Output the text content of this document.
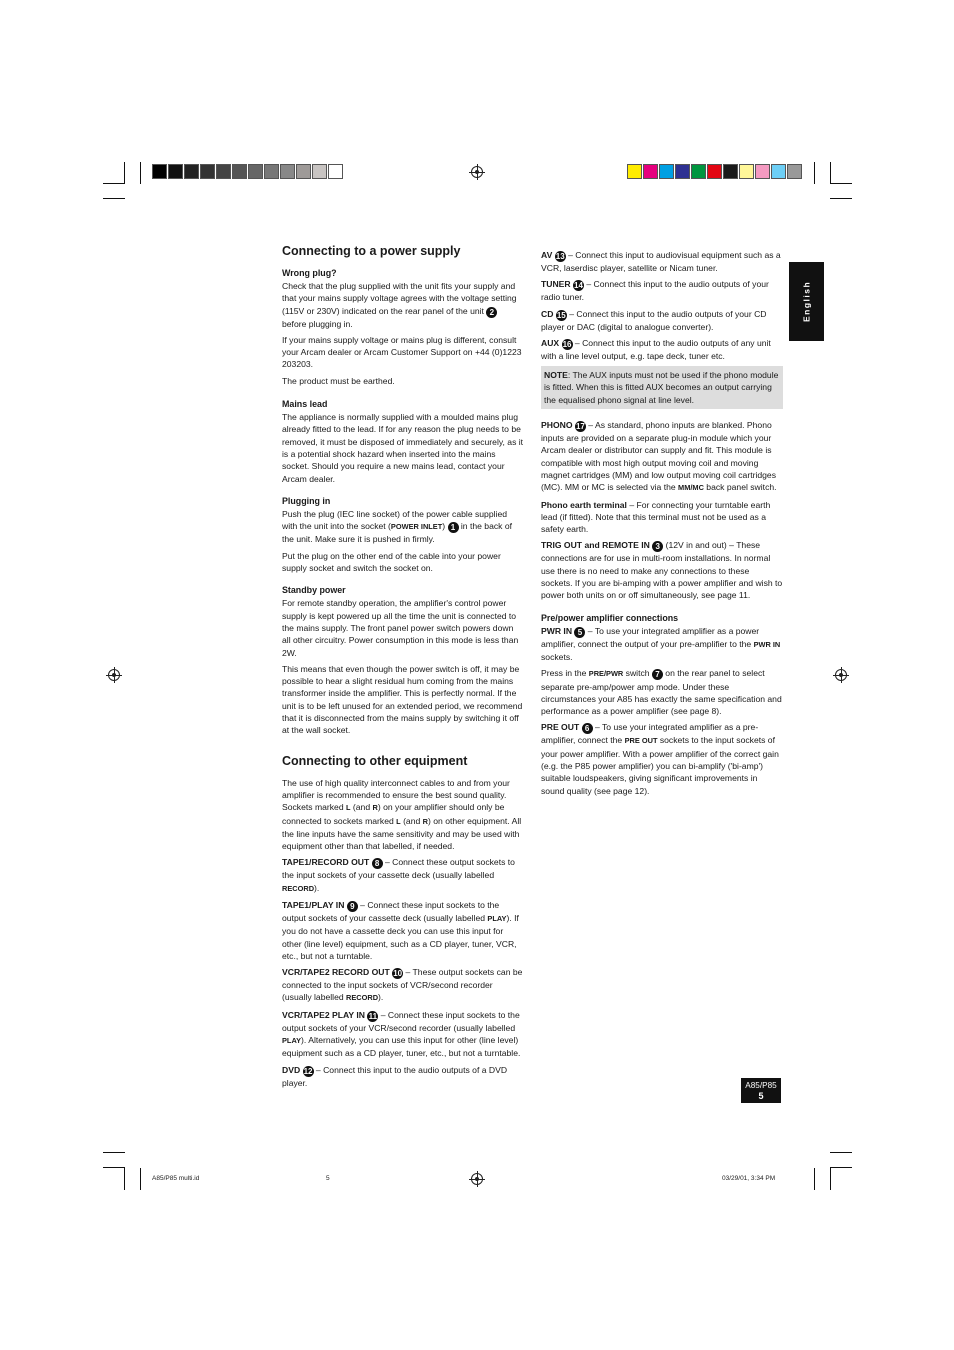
English
Connecting to a power supply
Wrong plug?

Check that the plug supplied with the unit fits your supply and that your mains supply voltage agrees with the voltage setting (115V or 230V) indicated on the rear panel of the unit 2 before plugging in.

If your mains supply voltage or mains plug is different, consult your Arcam dealer or Arcam Customer Support on +44 (0)1223 203203.

The product must be earthed.

Mains lead

The appliance is normally supplied with a moulded mains plug already fitted to the lead. If for any reason the plug needs to be removed, it must be disposed of immediately and securely, as it is a potential shock hazard when inserted into the mains socket. Should you require a new mains lead, contact your Arcam dealer.

Plugging in

Push the plug (IEC line socket) of the power cable supplied with the unit into the socket (POWER INLET) 1 in the back of the unit. Make sure it is pushed in firmly.

Put the plug on the other end of the cable into your power supply socket and switch the socket on.

Standby power

For remote standby operation, the amplifier's control power supply is kept powered up all the time the unit is connected to the mains supply. The front panel power switch powers down all other circuitry. Power consumption in this mode is less than 2W.

This means that even though the power switch is off, it may be possible to hear a slight residual hum coming from the mains transformer inside the amplifier. This is perfectly normal. If the unit is to be left unused for an extended period, we recommend that it is disconnected from the mains supply by switching it off at the wall socket.

Connecting to other equipment

The use of high quality interconnect cables to and from your amplifier is recommended to ensure the best sound quality. Sockets marked L (and R) on your amplifier should only be connected to sockets marked L (and R) on other equipment. All the line inputs have the same sensitivity and may be used with equipment other than that labelled, if needed.

TAPE1/RECORD OUT 8 – Connect these output sockets to the input sockets of your cassette deck (usually labelled RECORD).

TAPE1/PLAY IN 9 – Connect these input sockets to the output sockets of your cassette deck (usually labelled PLAY). If you do not have a cassette deck you can use this input for other (line level) equipment, such as a CD player, tuner, VCR, etc., but not a turntable.

VCR/TAPE2 RECORD OUT 10 – These output sockets can be connected to the input sockets of VCR/second recorder (usually labelled RECORD).

VCR/TAPE2 PLAY IN 11 – Connect these input sockets to the output sockets of your VCR/second recorder (usually labelled PLAY). Alternatively, you can use this input for other (line level) equipment such as a CD player, tuner, etc., but not a turntable.

DVD 12 – Connect this input to the audio outputs of a DVD player.

AV 13 – Connect this input to audiovisual equipment such as a VCR, laserdisc player, satellite or Nicam tuner.

TUNER 14 – Connect this input to the audio outputs of your radio tuner.

CD 15 – Connect this input to the audio outputs of your CD player or DAC (digital to analogue converter).

AUX 16 – Connect this input to the audio outputs of any unit with a line level output, e.g. tape deck, tuner etc.

NOTE: The AUX inputs must not be used if the phono module is fitted. When this is fitted AUX becomes an output carrying the equalised phono signal at line level.

PHONO 17 – As standard, phono inputs are blanked. Phono inputs are provided on a separate plug-in module which your Arcam dealer or distributor can supply and fit. This module is compatible with most high output moving coil and moving magnet cartridges (MM) and low output moving coil cartridges (MC). MM or MC is selected via the MM/MC back panel switch.

Phono earth terminal – For connecting your turntable earth lead (if fitted). Note that this terminal must not be used as a safety earth.

TRIG OUT and REMOTE IN 3 (12V in and out) – These connections are for use in multi-room installations. In normal use there is no need to make any connections to these sockets. If you are bi-amping with a power amplifier and wish to power both units on or off simultaneously, see page 11.

Pre/power amplifier connections

PWR IN 5 – To use your integrated amplifier as a power amplifier, connect the output of your pre-amplifier to the PWR IN sockets.

Press in the PRE/PWR switch 7 on the rear panel to select separate pre-amp/power amp mode. Under these circumstances your A85 has exactly the same specification and performance as a power amplifier (see page 8).

PRE OUT 6 – To use your integrated amplifier as a pre-amplifier, connect the PRE OUT sockets to the input sockets of your power amplifier. With a power amplifier of the correct gain (e.g. the P85 power amplifier) you can bi-amplify ('bi-amp') suitable loudspeakers, giving significant improvements in sound quality (see page 12).

A85/P85
5
A85/P85 multi.id	5	03/29/01, 3:34 PM
